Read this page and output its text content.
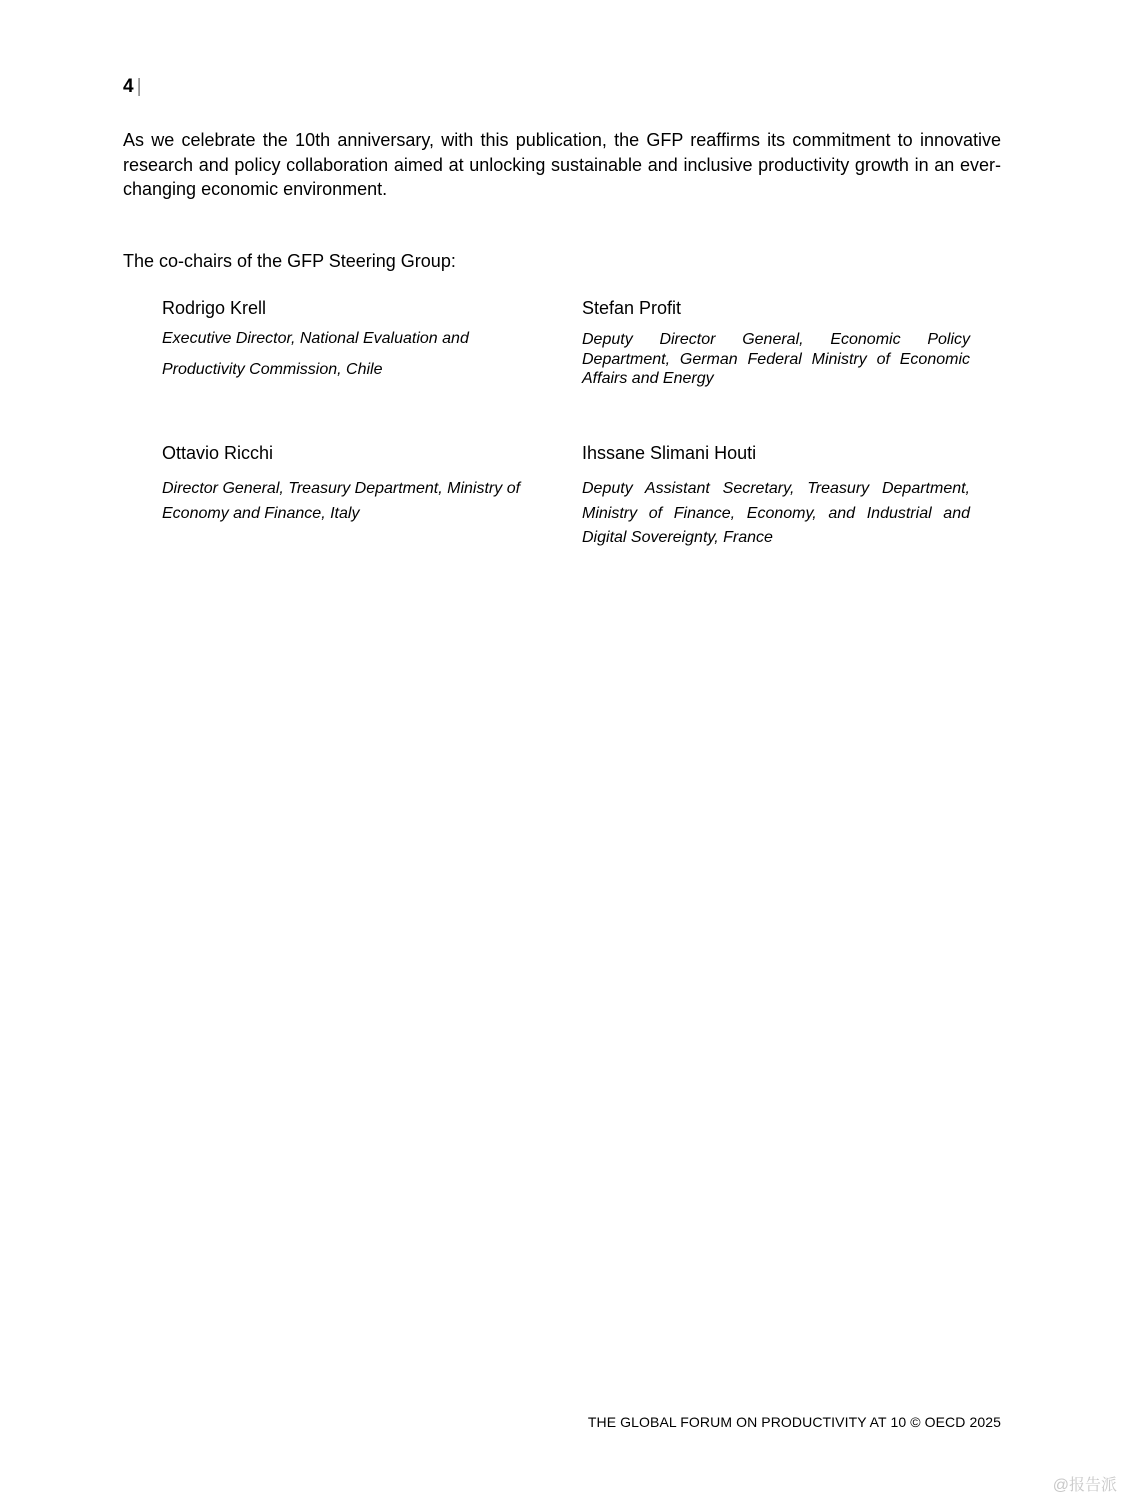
4 |

As we celebrate the 10th anniversary, with this publication, the GFP reaffirms its commitment to innovative research and policy collaboration aimed at unlocking sustainable and inclusive productivity growth in an ever-changing economic environment.

The co-chairs of the GFP Steering Group:

Rodrigo Krell

Executive Director, National Evaluation and Productivity Commission, Chile

Stefan Profit

Deputy Director General, Economic Policy Department, German Federal Ministry of Economic Affairs and Energy

Ottavio Ricchi

Director General, Treasury Department, Ministry of Economy and Finance, Italy

Ihssane Slimani Houti

Deputy Assistant Secretary, Treasury Department, Ministry of Finance, Economy, and Industrial and Digital Sovereignty, France

THE GLOBAL FORUM ON PRODUCTIVITY AT 10 © OECD 2025
@报告派
